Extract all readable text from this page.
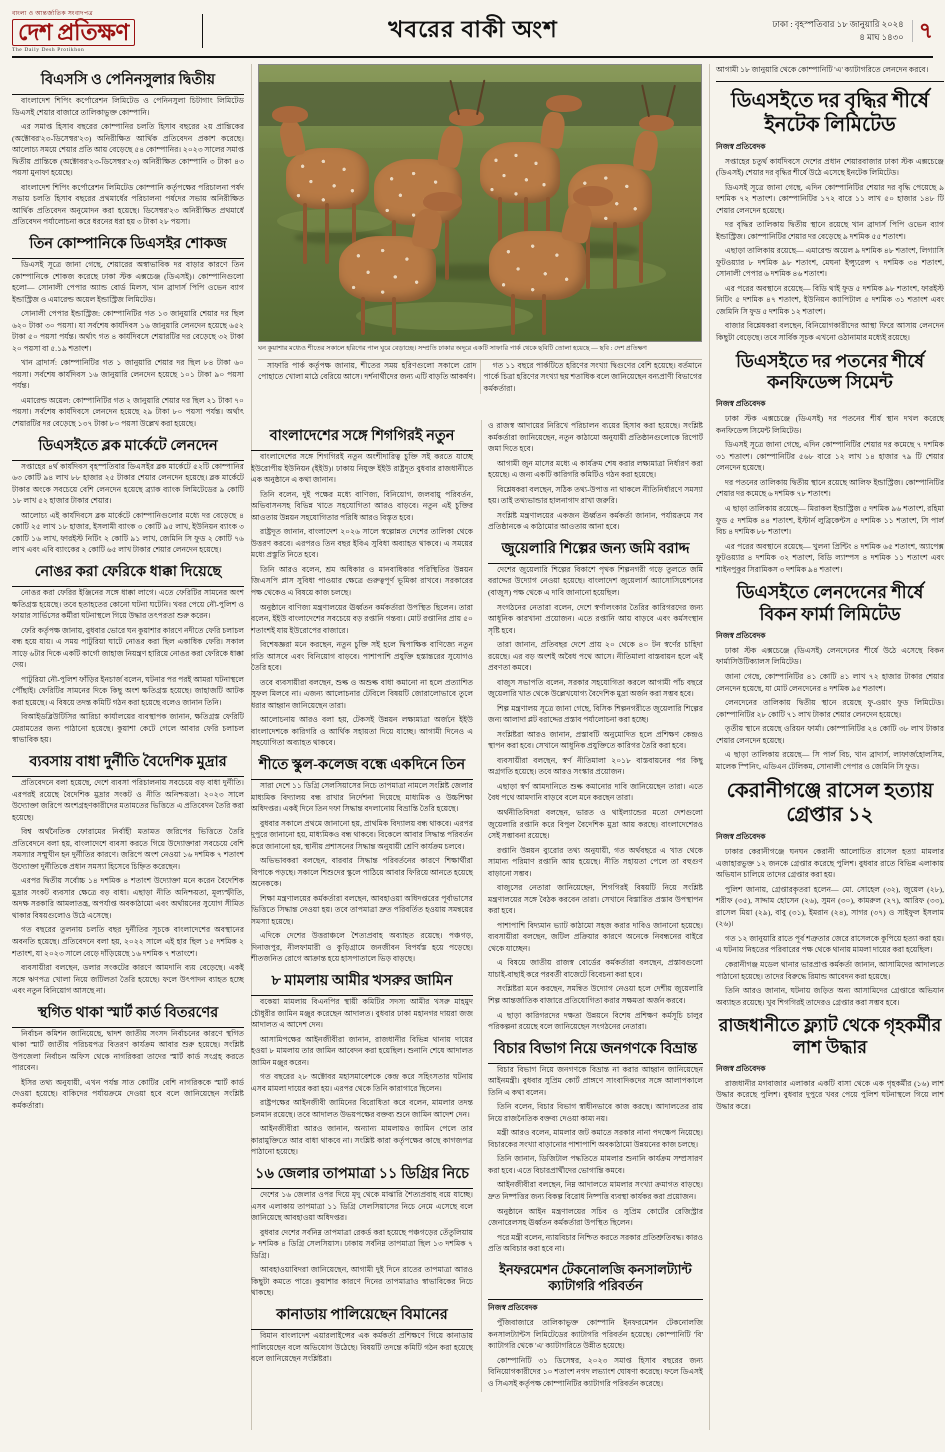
বাংলা ও আন্তর্জাতিক সংবাদপত্র
দেশ প্রতিক্ষণ
The Daily Desh Protikhon
খবরের বাকী অংশ	ঢাকা : বৃহস্পতিবার ১৮ জানুয়ারি ২০২৪
৪ মাঘ ১৪৩০ ৭
বিএসসি ও পেনিনসুলার দ্বিতীয়

বাংলাদেশ শিপিং কর্পোরেশন লিমিটেড ও পেনিনসুলা চিটাগাং লিমিটেড ডিএসই শেয়ার বাজারে তালিকাভুক্ত কোম্পানি।

এর সমাপ্ত হিসাব বছরের কোম্পানির চলতি হিসাব বছরের ২য় প্রান্তিকের (অক্টোবর'২৩-ডিসেম্বর'২৩) অনিরীক্ষিত আর্থিক প্রতিবেদন প্রকাশ করেছে। আলোচ্য সময়ে শেয়ার প্রতি আয় বেড়েছে ৫৪ কোম্পানির। ২০২৩ সালের সমাপ্ত দ্বিতীয় প্রান্তিকে (অক্টোবর'২৩-ডিসেম্বর'২৩) অনিরীক্ষিত কোম্পানি ৩ টাকা ৪৩ পয়সা মুনাফা হয়েছে।

বাংলাদেশ শিপিং কর্পোরেশন লিমিটেড কোম্পানি কর্তৃপক্ষের পরিচালনা পর্ষদ সভায় চলতি হিসাব বছরের প্রথমার্ধের পরিচালনা পর্ষদের সভায় অনিরীক্ষিত আর্থিক প্রতিবেদন অনুমোদন করা হয়েছে। ডিসেম্বর'২৩ অনিরীক্ষিত প্রথমার্ধে প্রতিবেদন পর্যালোচনা করে ধরনের ধরা হয় ৩ টাকা ২৮ পয়সা।

তিন কোম্পানিকে ডিএসইর শোকজ

ডিএসই সূত্রে জানা গেছে, শেয়ারের অস্বাভাবিক দর বাড়ার কারণে তিন কোম্পানিকে শোকজ করেছে ঢাকা স্টক এক্সচেঞ্জ (ডিএসই)। কোম্পানিগুলো হলো— সোনালী পেপার অ্যান্ড বোর্ড মিলস, খান ব্রাদার্স পিপি ওভেন ব্যাগ ইন্ডাস্ট্রিজ ও এমারেল্ড অয়েল ইন্ডাস্ট্রিজ লিমিটেড।

সোনালী পেপার ইন্ডাস্ট্রিজ: কোম্পানিটির গত ১৩ জানুয়ারি শেয়ার দর ছিল ৬২০ টাকা ৩০ পয়সা। যা সর্বশেষ কার্যদিবস ১৬ জানুয়ারি লেনদেন হয়েছে ৬৫২ টাকা ৫০ পয়সা পর্যন্ত। অর্থাৎ গত ৪ কার্যদিবসে শেয়ারটির দর বেড়েছে ৩২ টাকা ২০ পয়সা বা ৫.১৯ শতাংশ।

খান ব্রাদার্স: কোম্পানিটির গত ১ জানুয়ারি শেয়ার দর ছিল ৮৪ টাকা ৬০ পয়সা। সর্বশেষ কার্যদিবস ১৬ জানুয়ারি লেনদেন হয়েছে ১০১ টাকা ৯০ পয়সা পর্যন্ত।

এমারেল্ড অয়েল: কোম্পানিটির গত ২ জানুয়ারি শেয়ার দর ছিল ২১ টাকা ৭০ পয়সা। সর্বশেষ কার্যদিবসে লেনদেন হয়েছে ২৯ টাকা ৮০ পয়সা পর্যন্ত। অর্থাৎ শেয়ারটির দর বেড়েছে ১৩৭ টাকা ৮০ পয়সা উল্লেখ করা হয়েছে।

ডিএসইতে ব্লক মার্কেটে লেনদেন

সপ্তাহের ৪র্থ কার্যদিবস বৃহস্পতিবার ডিএসইর ব্লক মার্কেটে ৫২টি কোম্পানির ৬৩ কোটি ৯৪ লাখ ৮৮ হাজার ২৫ টাকার শেয়ার লেনদেন হয়েছে। ব্লক মার্কেটে টাকার অংকে সবচেয়ে বেশি লেনদেন হয়েছে ব্র্যাক ব্যাংক লিমিটেডের ৯ কোটি ১৮ লাখ ৫২ হাজার টাকার শেয়ার।

আলোচ্য এই কার্যদিবসে ব্লক মার্কেটে কোম্পানিগুলোর মধ্যে দর বেড়েছে ৪ কোটি ২৫ লাখ ১৮ হাজার, ইসলামী ব্যাংক ৩ কোটি ৯৫ লাখ, ইউনিয়ন ব্যাংক ৩ কোটি ১৬ লাখ, ফারইস্ট নিটিং ২ কোটি ৯১ লাখ, জেমিনি সি ফুড ২ কোটি ৭৬ লাখ এবং এবি ব্যাংকের ২ কোটি ৬৫ লাখ টাকার শেয়ার লেনদেন হয়েছে।

নোঙর করা ফেরিকে ধাক্কা দিয়েছে

নোঙর করা ফেরির ইঞ্জিনের সঙ্গে ধাক্কা লাগে। এতে ফেরিটির সামনের অংশ ক্ষতিগ্রস্ত হয়েছে। তবে হতাহতের কোনো ঘটনা ঘটেনি। খবর পেয়ে নৌ-পুলিশ ও ফায়ার সার্ভিসের কর্মীরা ঘটনাস্থলে গিয়ে উদ্ধার তৎপরতা শুরু করেন।

ফেরি কর্তৃপক্ষ জানায়, বুধবার ভোরে ঘন কুয়াশার কারণে নদীতে ফেরি চলাচল বন্ধ হয়ে যায়। এ সময় পাটুরিয়া ঘাটে নোঙর করা ছিল একাধিক ফেরি। সকাল সাড়ে ৬টার দিকে একটি কার্গো জাহাজ নিয়ন্ত্রণ হারিয়ে নোঙর করা ফেরিকে ধাক্কা দেয়।

পাটুরিয়া নৌ-পুলিশ ফাঁড়ির ইনচার্জ বলেন, ঘটনার পর পরই আমরা ঘটনাস্থলে পৌঁছাই। ফেরিটির সামনের দিকে কিছু অংশ ক্ষতিগ্রস্ত হয়েছে। জাহাজটি আটক করা হয়েছে। এ বিষয়ে তদন্ত কমিটি গঠন করা হয়েছে বলেও জানান তিনি।

বিআইডব্লিউটিসির আরিচা কার্যালয়ের ব্যবস্থাপক জানান, ক্ষতিগ্রস্ত ফেরিটি মেরামতের জন্য পাঠানো হয়েছে। কুয়াশা কেটে গেলে আবার ফেরি চলাচল স্বাভাবিক হয়।

ব্যবসায় বাধা দুর্নীতি বৈদেশিক মুদ্রার

প্রতিবেদনে বলা হয়েছে, দেশে ব্যবসা পরিচালনায় সবচেয়ে বড় বাধা দুর্নীতি। এরপরই রয়েছে বৈদেশিক মুদ্রার সংকট ও নীতি অনিশ্চয়তা। ২০২৩ সালে উদ্যোক্তা জরিপে অংশগ্রহণকারীদের মতামতের ভিত্তিতে এ প্রতিবেদন তৈরি করা হয়েছে।

বিশ্ব অর্থনৈতিক ফোরামের নির্বাহী মতামত জরিপের ভিত্তিতে তৈরি প্রতিবেদনে বলা হয়, বাংলাদেশে ব্যবসা করতে গিয়ে উদ্যোক্তারা সবচেয়ে বেশি সমস্যার সম্মুখীন হন দুর্নীতির কারণে। জরিপে অংশ নেওয়া ১৬ দশমিক ৭ শতাংশ উদ্যোক্তা দুর্নীতিকে প্রধান সমস্যা হিসেবে চিহ্নিত করেছেন।

এরপর দ্বিতীয় সর্বোচ্চ ১৪ দশমিক ৪ শতাংশ উদ্যোক্তা মনে করেন বৈদেশিক মুদ্রার সংকট ব্যবসার ক্ষেত্রে বড় বাধা। এছাড়া নীতি অনিশ্চয়তা, মূল্যস্ফীতি, অদক্ষ সরকারি আমলাতন্ত্র, অপর্যাপ্ত অবকাঠামো এবং অর্থায়নের সুযোগ সীমিত থাকার বিষয়গুলোও উঠে এসেছে।

গত বছরের তুলনায় চলতি বছর দুর্নীতির সূচকে বাংলাদেশের অবস্থানের অবনতি হয়েছে। প্রতিবেদনে বলা হয়, ২০২২ সালে এই হার ছিল ১৫ দশমিক ২ শতাংশ, যা ২০২৩ সালে বেড়ে দাঁড়িয়েছে ১৬ দশমিক ৭ শতাংশে।

ব্যবসায়ীরা বলছেন, ডলার সংকটের কারণে আমদানি ব্যয় বেড়েছে। একই সঙ্গে ঋণপত্র খোলা নিয়ে জটিলতা তৈরি হয়েছে। ফলে উৎপাদন ব্যাহত হচ্ছে এবং নতুন বিনিয়োগ আসছে না।

স্থগিত থাকা স্মার্ট কার্ড বিতরণের

নির্বাচন কমিশন জানিয়েছে, দ্বাদশ জাতীয় সংসদ নির্বাচনের কারণে স্থগিত থাকা স্মার্ট জাতীয় পরিচয়পত্র বিতরণ কার্যক্রম আবার শুরু হয়েছে। সংশ্লিষ্ট উপজেলা নির্বাচন অফিস থেকে নাগরিকরা তাদের স্মার্ট কার্ড সংগ্রহ করতে পারবেন।

ইসির তথ্য অনুযায়ী, এখন পর্যন্ত সাত কোটির বেশি নাগরিককে স্মার্ট কার্ড দেওয়া হয়েছে। বাকিদের পর্যায়ক্রমে দেওয়া হবে বলে জানিয়েছেন সংশ্লিষ্ট কর্মকর্তারা।

ঘন কুয়াশার মধ্যেও শীতের সকালে হরিণের পাল ঘুরে বেড়াচ্ছে। সম্প্রতি ঢাকার অদূরে একটি সাফারি পার্ক থেকে ছবিটি তোলা হয়েছে — ছবি : দেশ প্রতিক্ষণ

সাফারি পার্ক কর্তৃপক্ষ জানায়, শীতের সময় হরিণগুলো সকালে রোদ পোহাতে খোলা মাঠে বেরিয়ে আসে। দর্শনার্থীদের জন্য এটি বাড়তি আকর্ষণ।

গত ১১ বছরে পার্কটিতে হরিণের সংখ্যা দ্বিগুণের বেশি হয়েছে। বর্তমানে পার্কে চিত্রা হরিণের সংখ্যা ছয় শতাধিক বলে জানিয়েছেন বন্যপ্রাণী বিভাগের কর্মকর্তারা।

আগামী ১৮ জানুয়ারি থেকে কোম্পানিটি 'এ' ক্যাটাগরিতে লেনদেন করবে।

ডিএসইতে দর বৃদ্ধির শীর্ষে ইনটেক লিমিটেড
নিজস্ব প্রতিবেদক

সপ্তাহের চতুর্থ কার্যদিবসে দেশের প্রধান শেয়ারবাজার ঢাকা স্টক এক্সচেঞ্জে (ডিএসই) শেয়ার দর বৃদ্ধির শীর্ষে উঠে এসেছে ইনটেক লিমিটেড।

ডিএসই সূত্রে জানা গেছে, এদিন কোম্পানিটির শেয়ার দর বৃদ্ধি পেয়েছে ৯ দশমিক ৭২ শতাংশ। কোম্পানিটির ১৭২ বারে ১১ লাখ ৫০ হাজার ১৪৮ টি শেয়ার লেনদেন হয়েছে।

দর বৃদ্ধির তালিকায় দ্বিতীয় স্থানে রয়েছে খান ব্রাদার্স পিপি ওভেন ব্যাগ ইন্ডাস্ট্রিজ। কোম্পানিটির শেয়ার দর বেড়েছে ৯ দশমিক ৫৫ শতাংশ।

এছাড়া তালিকায় রয়েছে— এমারেল্ড অয়েল ৯ দশমিক ৪৮ শতাংশ, লিগ্যাসি ফুটওয়্যার ৮ দশমিক ৯৮ শতাংশ, মেঘনা ইন্স্যুরেন্স ৭ দশমিক ৩৪ শতাংশ, সোনালী পেপার ৬ দশমিক ৪৬ শতাংশ।

এর পরের অবস্থানে রয়েছে— বিডি থাই ফুড ৫ দশমিক ৯৮ শতাংশ, ফারইস্ট নিটিং ৫ দশমিক ৪৭ শতাংশ, ইউনিয়ন ক্যাপিটাল ৫ দশমিক ৩১ শতাংশ এবং জেমিনি সি ফুড ৫ দশমিক ১২ শতাংশ।

বাজার বিশ্লেষকরা বলছেন, বিনিয়োগকারীদের আস্থা ফিরে আসায় লেনদেন কিছুটা বেড়েছে। তবে সার্বিক সূচক এখনো ওঠানামার মধ্যেই রয়েছে।

ডিএসইতে দর পতনের শীর্ষে কনফিডেন্স সিমেন্ট
নিজস্ব প্রতিবেদক

ঢাকা স্টক এক্সচেঞ্জে (ডিএসই) দর পতনের শীর্ষ স্থান দখল করেছে কনফিডেন্স সিমেন্ট লিমিটেড।

ডিএসই সূত্রে জানা গেছে, এদিন কোম্পানিটির শেয়ার দর কমেছে ৭ দশমিক ৩১ শতাংশ। কোম্পানিটির ৫৬৮ বারে ১২ লাখ ১৪ হাজার ৭৯ টি শেয়ার লেনদেন হয়েছে।

দর পতনের তালিকায় দ্বিতীয় স্থানে রয়েছে আলিফ ইন্ডাস্ট্রিজ। কোম্পানিটির শেয়ার দর কমেছে ৬ দশমিক ৭৮ শতাংশ।

এ ছাড়া তালিকায় রয়েছে— মিরাকল ইন্ডাস্ট্রিজ ৫ দশমিক ৯৬ শতাংশ, রহিমা ফুড ৫ দশমিক ৪৪ শতাংশ, ইস্টার্ন লুব্রিকেন্টস ৫ দশমিক ১১ শতাংশ, সি পার্ল বিচ ৪ দশমিক ৮৮ শতাংশ।

এর পরের অবস্থানে রয়েছে— খুলনা প্রিন্টিং ৪ দশমিক ৬৫ শতাংশ, অ্যাপেক্স ফুটওয়্যার ৪ দশমিক ৩২ শতাংশ, বিডি ল্যাম্পস ৪ দশমিক ১১ শতাংশ এবং শাইনপুকুর সিরামিকস ৩ দশমিক ৯৪ শতাংশ।

ডিএসইতে লেনদেনের শীর্ষে বিকন ফার্মা লিমিটেড
নিজস্ব প্রতিবেদক

ঢাকা স্টক এক্সচেঞ্জে (ডিএসই) লেনদেনের শীর্ষে উঠে এসেছে বিকন ফার্মাসিউটিক্যালস লিমিটেড।

জানা গেছে, কোম্পানিটির ৪১ কোটি ৪১ লাখ ৭২ হাজার টাকার শেয়ার লেনদেন হয়েছে, যা মোট লেনদেনের ৪ দশমিক ৯৫ শতাংশ।

লেনদেনের তালিকায় দ্বিতীয় স্থানে রয়েছে ফু-ওয়াং ফুড লিমিটেড। কোম্পানিটির ২৮ কোটি ৭১ লাখ টাকার শেয়ার লেনদেন হয়েছে।

তৃতীয় স্থানে রয়েছে ওরিয়ন ফার্মা। কোম্পানিটির ২৪ কোটি ৩৮ লাখ টাকার শেয়ার লেনদেন হয়েছে।

এ ছাড়া তালিকায় রয়েছে— সি পার্ল বিচ, খান ব্রাদার্স, লাফার্জহোলসিম, মালেক স্পিনিং, এডিএন টেলিকম, সোনালী পেপার ও জেমিনি সি ফুড।

কেরানীগঞ্জে রাসেল হত্যায় গ্রেপ্তার ১২
নিজস্ব প্রতিবেদক

ঢাকার কেরানীগঞ্জে ঘনঘন কেরানী আলোচিত রাসেল হত্যা মামলার এজাহারভুক্ত ১২ জনকে গ্রেপ্তার করেছে পুলিশ। বুধবার রাতে বিভিন্ন এলাকায় অভিযান চালিয়ে তাদের গ্রেপ্তার করা হয়।

পুলিশ জানায়, গ্রেপ্তারকৃতরা হলেন— মো. সোহেল (৩২), জুয়েল (২৮), শরীফ (৩৫), সাদ্দাম হোসেন (২৬), সুমন (৩০), কামরুল (২৭), আরিফ (৩৩), রাসেল মিয়া (২৯), বাবু (৩১), ইমরান (২৪), সাগর (৩৭) ও সাইফুল ইসলাম (২৬)।

গত ১২ জানুয়ারি রাতে পূর্ব শত্রুতার জেরে রাসেলকে কুপিয়ে হত্যা করা হয়। এ ঘটনায় নিহতের পরিবারের পক্ষ থেকে থানায় মামলা দায়ের করা হয়েছিল।

কেরানীগঞ্জ মডেল থানার ভারপ্রাপ্ত কর্মকর্তা জানান, আসামিদের আদালতে পাঠানো হয়েছে। তাদের বিরুদ্ধে রিমান্ড আবেদন করা হয়েছে।

তিনি আরও জানান, ঘটনায় জড়িত অন্য আসামিদের গ্রেপ্তারে অভিযান অব্যাহত রয়েছে। খুব শিগগিরই তাদেরও গ্রেপ্তার করা সম্ভব হবে।

রাজধানীতে ফ্ল্যাট থেকে গৃহকর্মীর লাশ উদ্ধার
নিজস্ব প্রতিবেদক

রাজধানীর মগবাজার এলাকার একটি বাসা থেকে এক গৃহকর্মীর (১৬) লাশ উদ্ধার করেছে পুলিশ। বুধবার দুপুরে খবর পেয়ে পুলিশ ঘটনাস্থলে গিয়ে লাশ উদ্ধার করে।

বাংলাদেশের সঙ্গে শিগগিরই নতুন

বাংলাদেশের সঙ্গে শিগগিরই নতুন অংশীদারিত্ব চুক্তি সই করতে যাচ্ছে ইউরোপীয় ইউনিয়ন (ইইউ)। ঢাকায় নিযুক্ত ইইউ রাষ্ট্রদূত বুধবার রাজধানীতে এক অনুষ্ঠানে এ কথা জানান।

তিনি বলেন, দুই পক্ষের মধ্যে বাণিজ্য, বিনিয়োগ, জলবায়ু পরিবর্তন, অভিবাসনসহ বিভিন্ন খাতে সহযোগিতা আরও বাড়বে। নতুন এই চুক্তির আওতায় উন্নয়ন সহযোগিতার পরিধি আরও বিস্তৃত হবে।

রাষ্ট্রদূত জানান, বাংলাদেশ ২০২৬ সালে স্বল্পোন্নত দেশের তালিকা থেকে উত্তরণ করবে। এরপরও তিন বছর ইবিএ সুবিধা অব্যাহত থাকবে। এ সময়ের মধ্যে প্রস্তুতি নিতে হবে।

তিনি আরও বলেন, শ্রম অধিকার ও মানবাধিকার পরিস্থিতির উন্নয়ন জিএসপি প্লাস সুবিধা পাওয়ার ক্ষেত্রে গুরুত্বপূর্ণ ভূমিকা রাখবে। সরকারের পক্ষ থেকেও এ বিষয়ে কাজ চলছে।

অনুষ্ঠানে বাণিজ্য মন্ত্রণালয়ের ঊর্ধ্বতন কর্মকর্তারা উপস্থিত ছিলেন। তারা বলেন, ইইউ বাংলাদেশের সবচেয়ে বড় রপ্তানি গন্তব্য। মোট রপ্তানির প্রায় ৫০ শতাংশই যায় ইউরোপের বাজারে।

বিশেষজ্ঞরা মনে করছেন, নতুন চুক্তি সই হলে দ্বিপাক্ষিক বাণিজ্যে নতুন গতি আসবে এবং বিনিয়োগ বাড়বে। পাশাপাশি প্রযুক্তি হস্তান্তরের সুযোগও তৈরি হবে।

তবে ব্যবসায়ীরা বলছেন, শুল্ক ও অশুল্ক বাধা কমানো না হলে প্রত্যাশিত সুফল মিলবে না। এজন্য আলোচনার টেবিলে বিষয়টি জোরালোভাবে তুলে ধরার আহ্বান জানিয়েছেন তারা।

আলোচনায় আরও বলা হয়, টেকসই উন্নয়ন লক্ষ্যমাত্রা অর্জনে ইইউ বাংলাদেশকে কারিগরি ও আর্থিক সহায়তা দিয়ে যাচ্ছে। আগামী দিনেও এ সহযোগিতা অব্যাহত থাকবে।

শীতে স্কুল-কলেজ বন্ধে একদিনে তিন

সারা দেশে ১১ ডিগ্রি সেলসিয়াসের নিচে তাপমাত্রা নামলে সংশ্লিষ্ট জেলার মাধ্যমিক বিদ্যালয় বন্ধ রাখার নির্দেশনা দিয়েছে মাধ্যমিক ও উচ্চশিক্ষা অধিদপ্তর। একই দিনে তিন দফা সিদ্ধান্ত বদলানোয় বিভ্রান্তি তৈরি হয়েছে।

বুধবার সকালে প্রথমে জানানো হয়, প্রাথমিক বিদ্যালয় বন্ধ থাকবে। এরপর দুপুরে জানানো হয়, মাধ্যমিকও বন্ধ থাকবে। বিকেলে আবার সিদ্ধান্ত পরিবর্তন করে জানানো হয়, স্থানীয় প্রশাসনের সিদ্ধান্ত অনুযায়ী শ্রেণি কার্যক্রম চলবে।

অভিভাবকরা বলছেন, বারবার সিদ্ধান্ত পরিবর্তনের কারণে শিক্ষার্থীরা বিপাকে পড়ছে। সকালে শিশুদের স্কুলে পাঠিয়ে আবার ফিরিয়ে আনতে হয়েছে অনেককে।

শিক্ষা মন্ত্রণালয়ের কর্মকর্তারা বলছেন, আবহাওয়া অধিদপ্তরের পূর্বাভাসের ভিত্তিতে সিদ্ধান্ত নেওয়া হয়। তবে তাপমাত্রা দ্রুত পরিবর্তিত হওয়ায় সমন্বয়ের সমস্যা হয়েছে।

এদিকে দেশের উত্তরাঞ্চলে শৈত্যপ্রবাহ অব্যাহত রয়েছে। পঞ্চগড়, দিনাজপুর, নীলফামারী ও কুড়িগ্রামে জনজীবন বিপর্যস্ত হয়ে পড়েছে। শীতজনিত রোগে আক্রান্ত হয়ে হাসপাতালে ভিড় বাড়ছে।

৮ মামলায় আমীর খসরুর জামিন

বকেয়া মামলায় বিএনপির স্থায়ী কমিটির সদস্য আমীর খসরু মাহমুদ চৌধুরীর জামিন মঞ্জুর করেছেন আদালত। বুধবার ঢাকা মহানগর দায়রা জজ আদালত এ আদেশ দেন।

আসামিপক্ষের আইনজীবীরা জানান, রাজধানীর বিভিন্ন থানায় দায়ের হওয়া ৮ মামলায় তার জামিন আবেদন করা হয়েছিল। শুনানি শেষে আদালত জামিন মঞ্জুর করেন।

গত বছরের ২৮ অক্টোবর মহাসমাবেশকে কেন্দ্র করে সহিংসতার ঘটনায় এসব মামলা দায়ের করা হয়। এরপর থেকে তিনি কারাগারে ছিলেন।

রাষ্ট্রপক্ষের আইনজীবী জামিনের বিরোধিতা করে বলেন, মামলার তদন্ত চলমান রয়েছে। তবে আদালত উভয়পক্ষের বক্তব্য শুনে জামিন আদেশ দেন।

আইনজীবীরা আরও জানান, অন্যান্য মামলায়ও জামিন পেলে তার কারামুক্তিতে আর বাধা থাকবে না। সংশ্লিষ্ট কারা কর্তৃপক্ষের কাছে কাগজপত্র পাঠানো হয়েছে।

১৬ জেলার তাপমাত্রা ১১ ডিগ্রির নিচে

দেশের ১৬ জেলার ওপর দিয়ে মৃদু থেকে মাঝারি শৈত্যপ্রবাহ বয়ে যাচ্ছে। এসব এলাকায় তাপমাত্রা ১১ ডিগ্রি সেলসিয়াসের নিচে নেমে এসেছে বলে জানিয়েছে আবহাওয়া অধিদপ্তর।

বুধবার দেশের সর্বনিম্ন তাপমাত্রা রেকর্ড করা হয়েছে পঞ্চগড়ের তেঁতুলিয়ায় ৮ দশমিক ৪ ডিগ্রি সেলসিয়াস। ঢাকায় সর্বনিম্ন তাপমাত্রা ছিল ১৩ দশমিক ৭ ডিগ্রি।

আবহাওয়াবিদরা জানিয়েছেন, আগামী দুই দিনে রাতের তাপমাত্রা আরও কিছুটা কমতে পারে। কুয়াশার কারণে দিনের তাপমাত্রাও স্বাভাবিকের নিচে থাকছে।

কানাডায় পালিয়েছেন বিমানের

বিমান বাংলাদেশ এয়ারলাইন্সের এক কর্মকর্তা প্রশিক্ষণে গিয়ে কানাডায় পালিয়েছেন বলে অভিযোগ উঠেছে। বিষয়টি তদন্তে কমিটি গঠন করা হয়েছে বলে জানিয়েছেন সংশ্লিষ্টরা।

ও রাজস্ব আদায়ের নিরিখে পরিচালন ব্যয়ের হিসাব করা হয়েছে। সংশ্লিষ্ট কর্মকর্তারা জানিয়েছেন, নতুন কাঠামো অনুযায়ী প্রতিষ্ঠানগুলোকে রিপোর্ট জমা দিতে হবে।

আগামী জুন মাসের মধ্যে এ কার্যক্রম শেষ করার লক্ষ্যমাত্রা নির্ধারণ করা হয়েছে। এ জন্য একটি কারিগরি কমিটিও গঠন করা হয়েছে।

বিশ্লেষকরা বলছেন, সঠিক তথ্য-উপাত্ত না থাকলে নীতিনির্ধারণে সমস্যা হয়। তাই তথ্যভান্ডার হালনাগাদ রাখা জরুরি।

সংশ্লিষ্ট মন্ত্রণালয়ের একজন ঊর্ধ্বতন কর্মকর্তা জানান, পর্যায়ক্রমে সব প্রতিষ্ঠানকে এ কাঠামোর আওতায় আনা হবে।

জুয়েলারি শিল্পের জন্য জমি বরাদ্দ

দেশের জুয়েলারি শিল্পের বিকাশে পৃথক শিল্পনগরী গড়ে তুলতে জমি বরাদ্দের উদ্যোগ নেওয়া হয়েছে। বাংলাদেশ জুয়েলার্স অ্যাসোসিয়েশনের (বাজুস) পক্ষ থেকে এ দাবি জানানো হয়েছিল।

সংগঠনের নেতারা বলেন, দেশে স্বর্ণালংকার তৈরির কারিগরদের জন্য আধুনিক কারখানা প্রয়োজন। এতে রপ্তানি আয় বাড়বে এবং কর্মসংস্থান সৃষ্টি হবে।

তারা জানান, প্রতিবছর দেশে প্রায় ২০ থেকে ৪০ টন স্বর্ণের চাহিদা রয়েছে। এর বড় অংশই অবৈধ পথে আসে। নীতিমালা বাস্তবায়ন হলে এই প্রবণতা কমবে।

বাজুস সভাপতি বলেন, সরকার সহযোগিতা করলে আগামী পাঁচ বছরে জুয়েলারি খাত থেকে উল্লেখযোগ্য বৈদেশিক মুদ্রা অর্জন করা সম্ভব হবে।

শিল্প মন্ত্রণালয় সূত্রে জানা গেছে, বিসিক শিল্পনগরীতে জুয়েলারি শিল্পের জন্য আলাদা প্লট বরাদ্দের প্রস্তাব পর্যালোচনা করা হচ্ছে।

সংশ্লিষ্টরা আরও জানান, প্রস্তাবটি অনুমোদিত হলে প্রশিক্ষণ কেন্দ্রও স্থাপন করা হবে। সেখানে আধুনিক প্রযুক্তিতে কারিগর তৈরি করা হবে।

ব্যবসায়ীরা বলছেন, স্বর্ণ নীতিমালা ২০১৮ বাস্তবায়নের পর কিছু অগ্রগতি হয়েছে। তবে আরও সংস্কার প্রয়োজন।

এছাড়া স্বর্ণ আমদানিতে শুল্ক কমানোর দাবি জানিয়েছেন তারা। এতে বৈধ পথে আমদানি বাড়বে বলে মনে করছেন তারা।

অর্থনীতিবিদরা বলছেন, ভারত ও থাইল্যান্ডের মতো দেশগুলো জুয়েলারি রপ্তানি করে বিপুল বৈদেশিক মুদ্রা আয় করছে। বাংলাদেশেরও সেই সম্ভাবনা রয়েছে।

রপ্তানি উন্নয়ন ব্যুরোর তথ্য অনুযায়ী, গত অর্থবছরে এ খাত থেকে সামান্য পরিমাণ রপ্তানি আয় হয়েছে। নীতি সহায়তা পেলে তা বহুগুণ বাড়ানো সম্ভব।

বাজুসের নেতারা জানিয়েছেন, শিগগিরই বিষয়টি নিয়ে সংশ্লিষ্ট মন্ত্রণালয়ের সঙ্গে বৈঠক করবেন তারা। সেখানে বিস্তারিত প্রস্তাব উপস্থাপন করা হবে।

পাশাপাশি বিদ্যমান ভ্যাট কাঠামো সহজ করার দাবিও জানানো হয়েছে। ব্যবসায়ীরা বলছেন, জটিল প্রক্রিয়ার কারণে অনেকে নিবন্ধনের বাইরে থেকে যাচ্ছেন।

এ বিষয়ে জাতীয় রাজস্ব বোর্ডের কর্মকর্তারা বলছেন, প্রস্তাবগুলো যাচাই-বাছাই করে পরবর্তী বাজেটে বিবেচনা করা হবে।

সংশ্লিষ্টরা মনে করছেন, সমন্বিত উদ্যোগ নেওয়া হলে দেশীয় জুয়েলারি শিল্প আন্তর্জাতিক বাজারে প্রতিযোগিতা করার সক্ষমতা অর্জন করবে।

এ ছাড়া কারিগরদের দক্ষতা উন্নয়নে বিশেষ প্রশিক্ষণ কর্মসূচি চালুর পরিকল্পনা রয়েছে বলে জানিয়েছেন সংগঠনের নেতারা।

বিচার বিভাগ নিয়ে জনগণকে বিভ্রান্ত

বিচার বিভাগ নিয়ে জনগণকে বিভ্রান্ত না করার আহ্বান জানিয়েছেন আইনমন্ত্রী। বুধবার সুপ্রিম কোর্ট প্রাঙ্গণে সাংবাদিকদের সঙ্গে আলাপকালে তিনি এ কথা বলেন।

তিনি বলেন, বিচার বিভাগ স্বাধীনভাবে কাজ করছে। আদালতের রায় নিয়ে রাজনৈতিক বক্তব্য দেওয়া কাম্য নয়।

মন্ত্রী আরও বলেন, মামলার জট কমাতে সরকার নানা পদক্ষেপ নিয়েছে। বিচারকের সংখ্যা বাড়ানোর পাশাপাশি অবকাঠামো উন্নয়নের কাজ চলছে।

তিনি জানান, ডিজিটাল পদ্ধতিতে মামলার শুনানি কার্যক্রম সম্প্রসারণ করা হবে। এতে বিচারপ্রার্থীদের ভোগান্তি কমবে।

আইনজীবীরা বলছেন, নিম্ন আদালতে মামলার সংখ্যা ক্রমাগত বাড়ছে। দ্রুত নিষ্পত্তির জন্য বিকল্প বিরোধ নিষ্পত্তি ব্যবস্থা কার্যকর করা প্রয়োজন।

অনুষ্ঠানে আইন মন্ত্রণালয়ের সচিব ও সুপ্রিম কোর্টের রেজিস্ট্রার জেনারেলসহ ঊর্ধ্বতন কর্মকর্তারা উপস্থিত ছিলেন।

পরে মন্ত্রী বলেন, ন্যায়বিচার নিশ্চিত করতে সরকার প্রতিশ্রুতিবদ্ধ। কারও প্রতি অবিচার করা হবে না।

ইনফরমেশন টেকনোলজি কনসালট্যান্ট ক্যাটাগরি পরিবর্তন
নিজস্ব প্রতিবেদক

পুঁজিবাজারে তালিকাভুক্ত কোম্পানি ইনফরমেশন টেকনোলজি কনসালট্যান্টস লিমিটেডের ক্যাটাগরি পরিবর্তন হয়েছে। কোম্পানিটি 'বি' ক্যাটাগরি থেকে 'এ' ক্যাটাগরিতে উন্নীত হয়েছে।

কোম্পানিটি ৩১ ডিসেম্বর, ২০২৩ সমাপ্ত হিসাব বছরের জন্য বিনিয়োগকারীদের ১০ শতাংশ নগদ লভ্যাংশ ঘোষণা করেছে। ফলে ডিএসই ও সিএসই কর্তৃপক্ষ কোম্পানিটির ক্যাটাগরি পরিবর্তন করেছে।
